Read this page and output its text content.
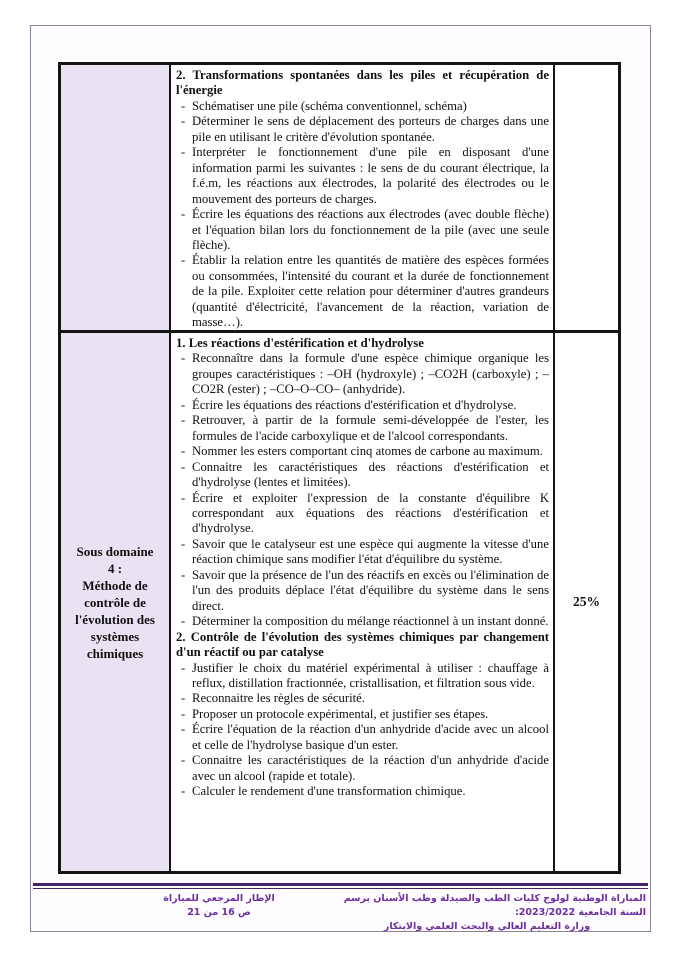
2. Transformations spontanées dans les piles et récupération de l'énergie
- Schématiser une pile (schéma conventionnel, schéma)
- Déterminer le sens de déplacement des porteurs de charges dans une pile en utilisant le critère d'évolution spontanée.
- Interpréter le fonctionnement d'une pile en disposant d'une information parmi les suivantes : le sens de du courant électrique, la f.é.m, les réactions aux électrodes, la polarité des électrodes ou le mouvement des porteurs de charges.
- Écrire les équations des réactions aux électrodes (avec double flèche) et l'équation bilan lors du fonctionnement de la pile (avec une seule flèche).
- Établir la relation entre les quantités de matière des espèces formées ou consommées, l'intensité du courant et la durée de fonctionnement de la pile. Exploiter cette relation pour déterminer d'autres grandeurs (quantité d'électricité, l'avancement de la réaction, variation de masse…).
Sous domaine
4 :
Méthode de
contrôle de
l'évolution des
systèmes
chimiques
1. Les réactions d'estérification et d'hydrolyse
- Reconnaître dans la formule d'une espèce chimique organique les groupes caractéristiques : –OH (hydroxyle) ; –CO2H (carboxyle) ; –CO2R (ester) ; –CO–O–CO– (anhydride).
- Écrire les équations des réactions d'estérification et d'hydrolyse.
- Retrouver, à partir de la formule semi-développée de l'ester, les formules de l'acide carboxylique et de l'alcool correspondants.
- Nommer les esters comportant cinq atomes de carbone au maximum.
- Connaitre les caractéristiques des réactions d'estérification et d'hydrolyse (lentes et limitées).
- Écrire et exploiter l'expression de la constante d'équilibre K correspondant aux équations des réactions d'estérification et d'hydrolyse.
- Savoir que le catalyseur est une espèce qui augmente la vitesse d'une réaction chimique sans modifier l'état d'équilibre du système.
- Savoir que la présence de l'un des réactifs en excès ou l'élimination de l'un des produits déplace l'état d'équilibre du système dans le sens direct.
- Déterminer la composition du mélange réactionnel à un instant donné.
2. Contrôle de l'évolution des systèmes chimiques par changement d'un réactif ou par catalyse
- Justifier le choix du matériel expérimental à utiliser : chauffage à reflux, distillation fractionnée, cristallisation, et filtration sous vide.
- Reconnaitre les règles de sécurité.
- Proposer un protocole expérimental, et justifier ses étapes.
- Écrire l'équation de la réaction d'un anhydride d'acide avec un alcool et celle de l'hydrolyse basique d'un ester.
- Connaitre les caractéristiques de la réaction d'un anhydride d'acide avec un alcool (rapide et totale).
- Calculer le rendement d'une transformation chimique.
25%
المباراة الوطنية لولوج كليات الطب والصيدلة وطب الأسنان برسم السنة الجامعية 2023/2022:
وزارة التعليم العالي والبحث العلمي والابتكار
الإطار المرجعي للمباراة
ص 16 من 21
